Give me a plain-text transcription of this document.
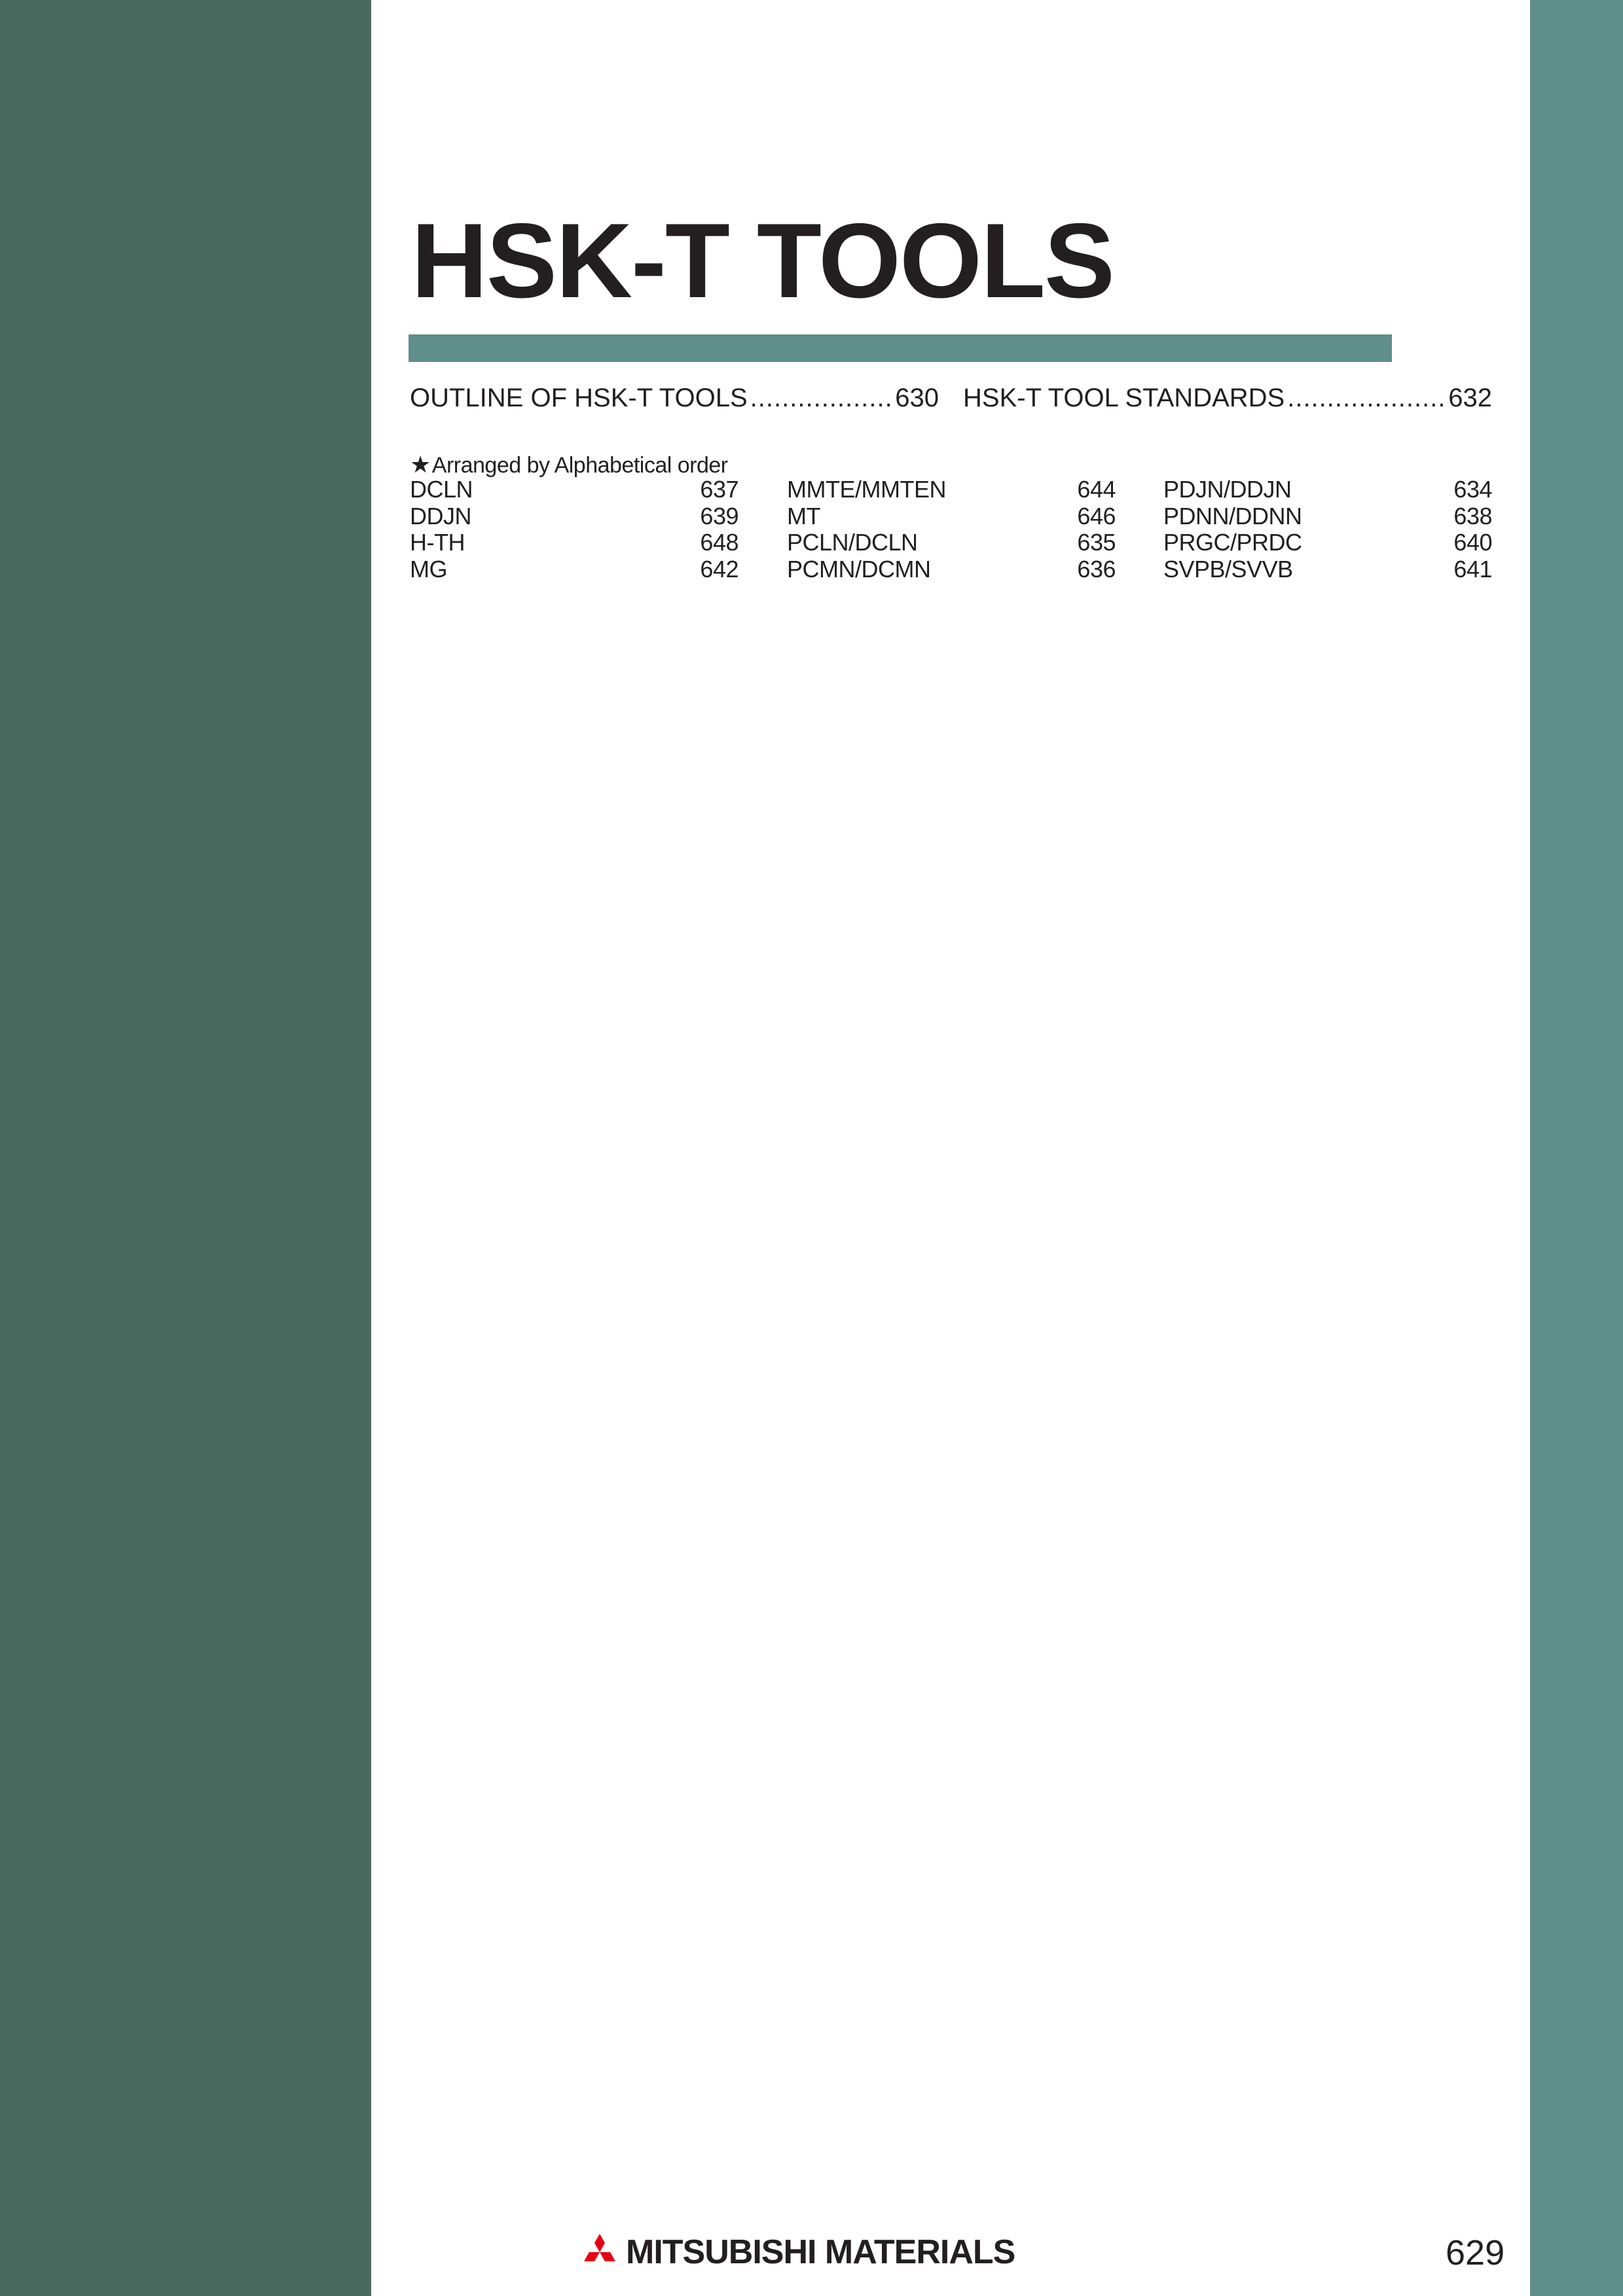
HSK-T TOOLS
OUTLINE OF HSK-T TOOLS .....	630 HSK-T TOOL STANDARDS .....	632
★Arranged by Alphabetical order
DCLN	637
DDJN	639
H-TH	648
MG	642
MMTE/MMTEN	644
MT	646
PCLN/DCLN	635
PCMN/DCMN	636
PDJN/DDJN	634
PDNN/DDNN	638
PRGC/PRDC	640
SVPB/SVVB	641
MITSUBISHI MATERIALS	629
